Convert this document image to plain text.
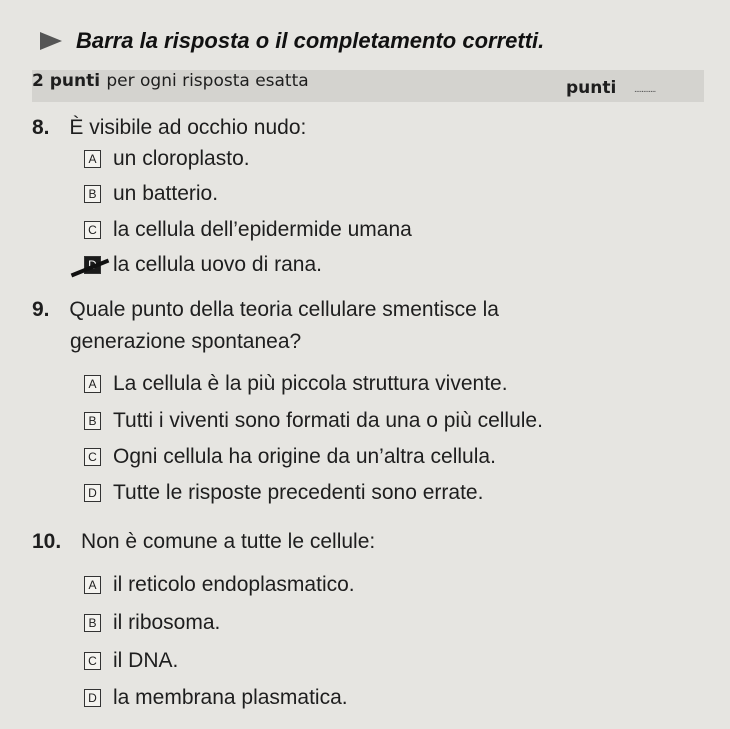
Barra la risposta o il completamento corretti.
2 punti per ogni risposta esatta	punti ............
8. È visibile ad occhio nudo:
A un cloroplasto.
B un batterio.
C la cellula dell’epidermide umana
la cellula uovo di rana.
9. Quale punto della teoria cellulare smentisce la
generazione spontanea?
A La cellula è la più piccola struttura vivente.
B Tutti i viventi sono formati da una o più cellule.
C Ogni cellula ha origine da un’altra cellula.
D Tutte le risposte precedenti sono errate.
10. Non è comune a tutte le cellule:
A il reticolo endoplasmatico.
B il ribosoma.
C il DNA.
D la membrana plasmatica.
